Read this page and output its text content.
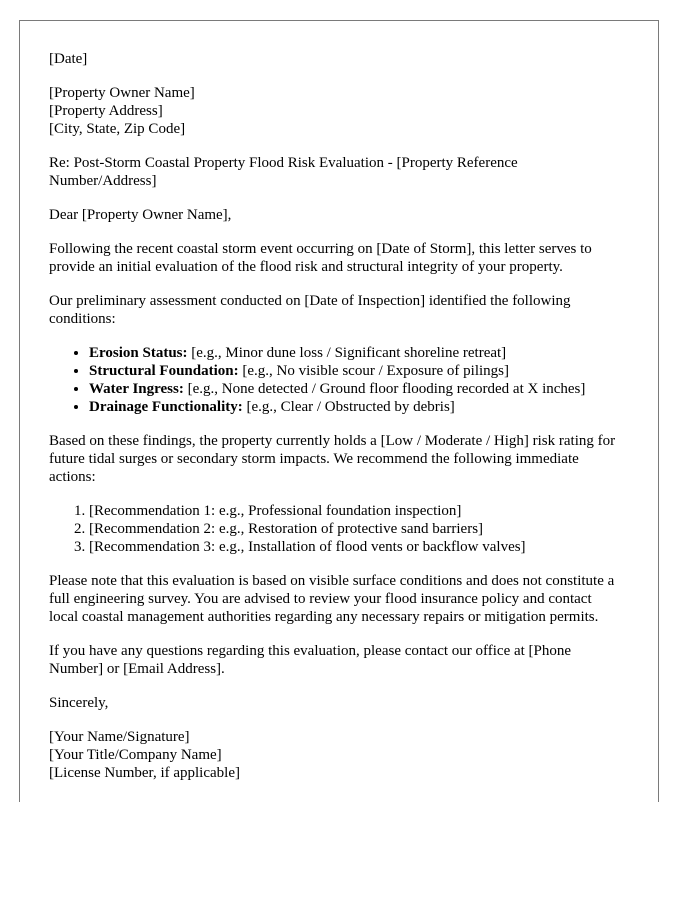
[Date]

[Property Owner Name]
[Property Address]
[City, State, Zip Code]

Re: Post-Storm Coastal Property Flood Risk Evaluation - [Property Reference Number/Address]

Dear [Property Owner Name],

Following the recent coastal storm event occurring on [Date of Storm], this letter serves to provide an initial evaluation of the flood risk and structural integrity of your property.

Our preliminary assessment conducted on [Date of Inspection] identified the following conditions:

• Erosion Status: [e.g., Minor dune loss / Significant shoreline retreat]
• Structural Foundation: [e.g., No visible scour / Exposure of pilings]
• Water Ingress: [e.g., None detected / Ground floor flooding recorded at X inches]
• Drainage Functionality: [e.g., Clear / Obstructed by debris]

Based on these findings, the property currently holds a [Low / Moderate / High] risk rating for future tidal surges or secondary storm impacts. We recommend the following immediate actions:

1. [Recommendation 1: e.g., Professional foundation inspection]
2. [Recommendation 2: e.g., Restoration of protective sand barriers]
3. [Recommendation 3: e.g., Installation of flood vents or backflow valves]

Please note that this evaluation is based on visible surface conditions and does not constitute a full engineering survey. You are advised to review your flood insurance policy and contact local coastal management authorities regarding any necessary repairs or mitigation permits.

If you have any questions regarding this evaluation, please contact our office at [Phone Number] or [Email Address].

Sincerely,

[Your Name/Signature]
[Your Title/Company Name]
[License Number, if applicable]
